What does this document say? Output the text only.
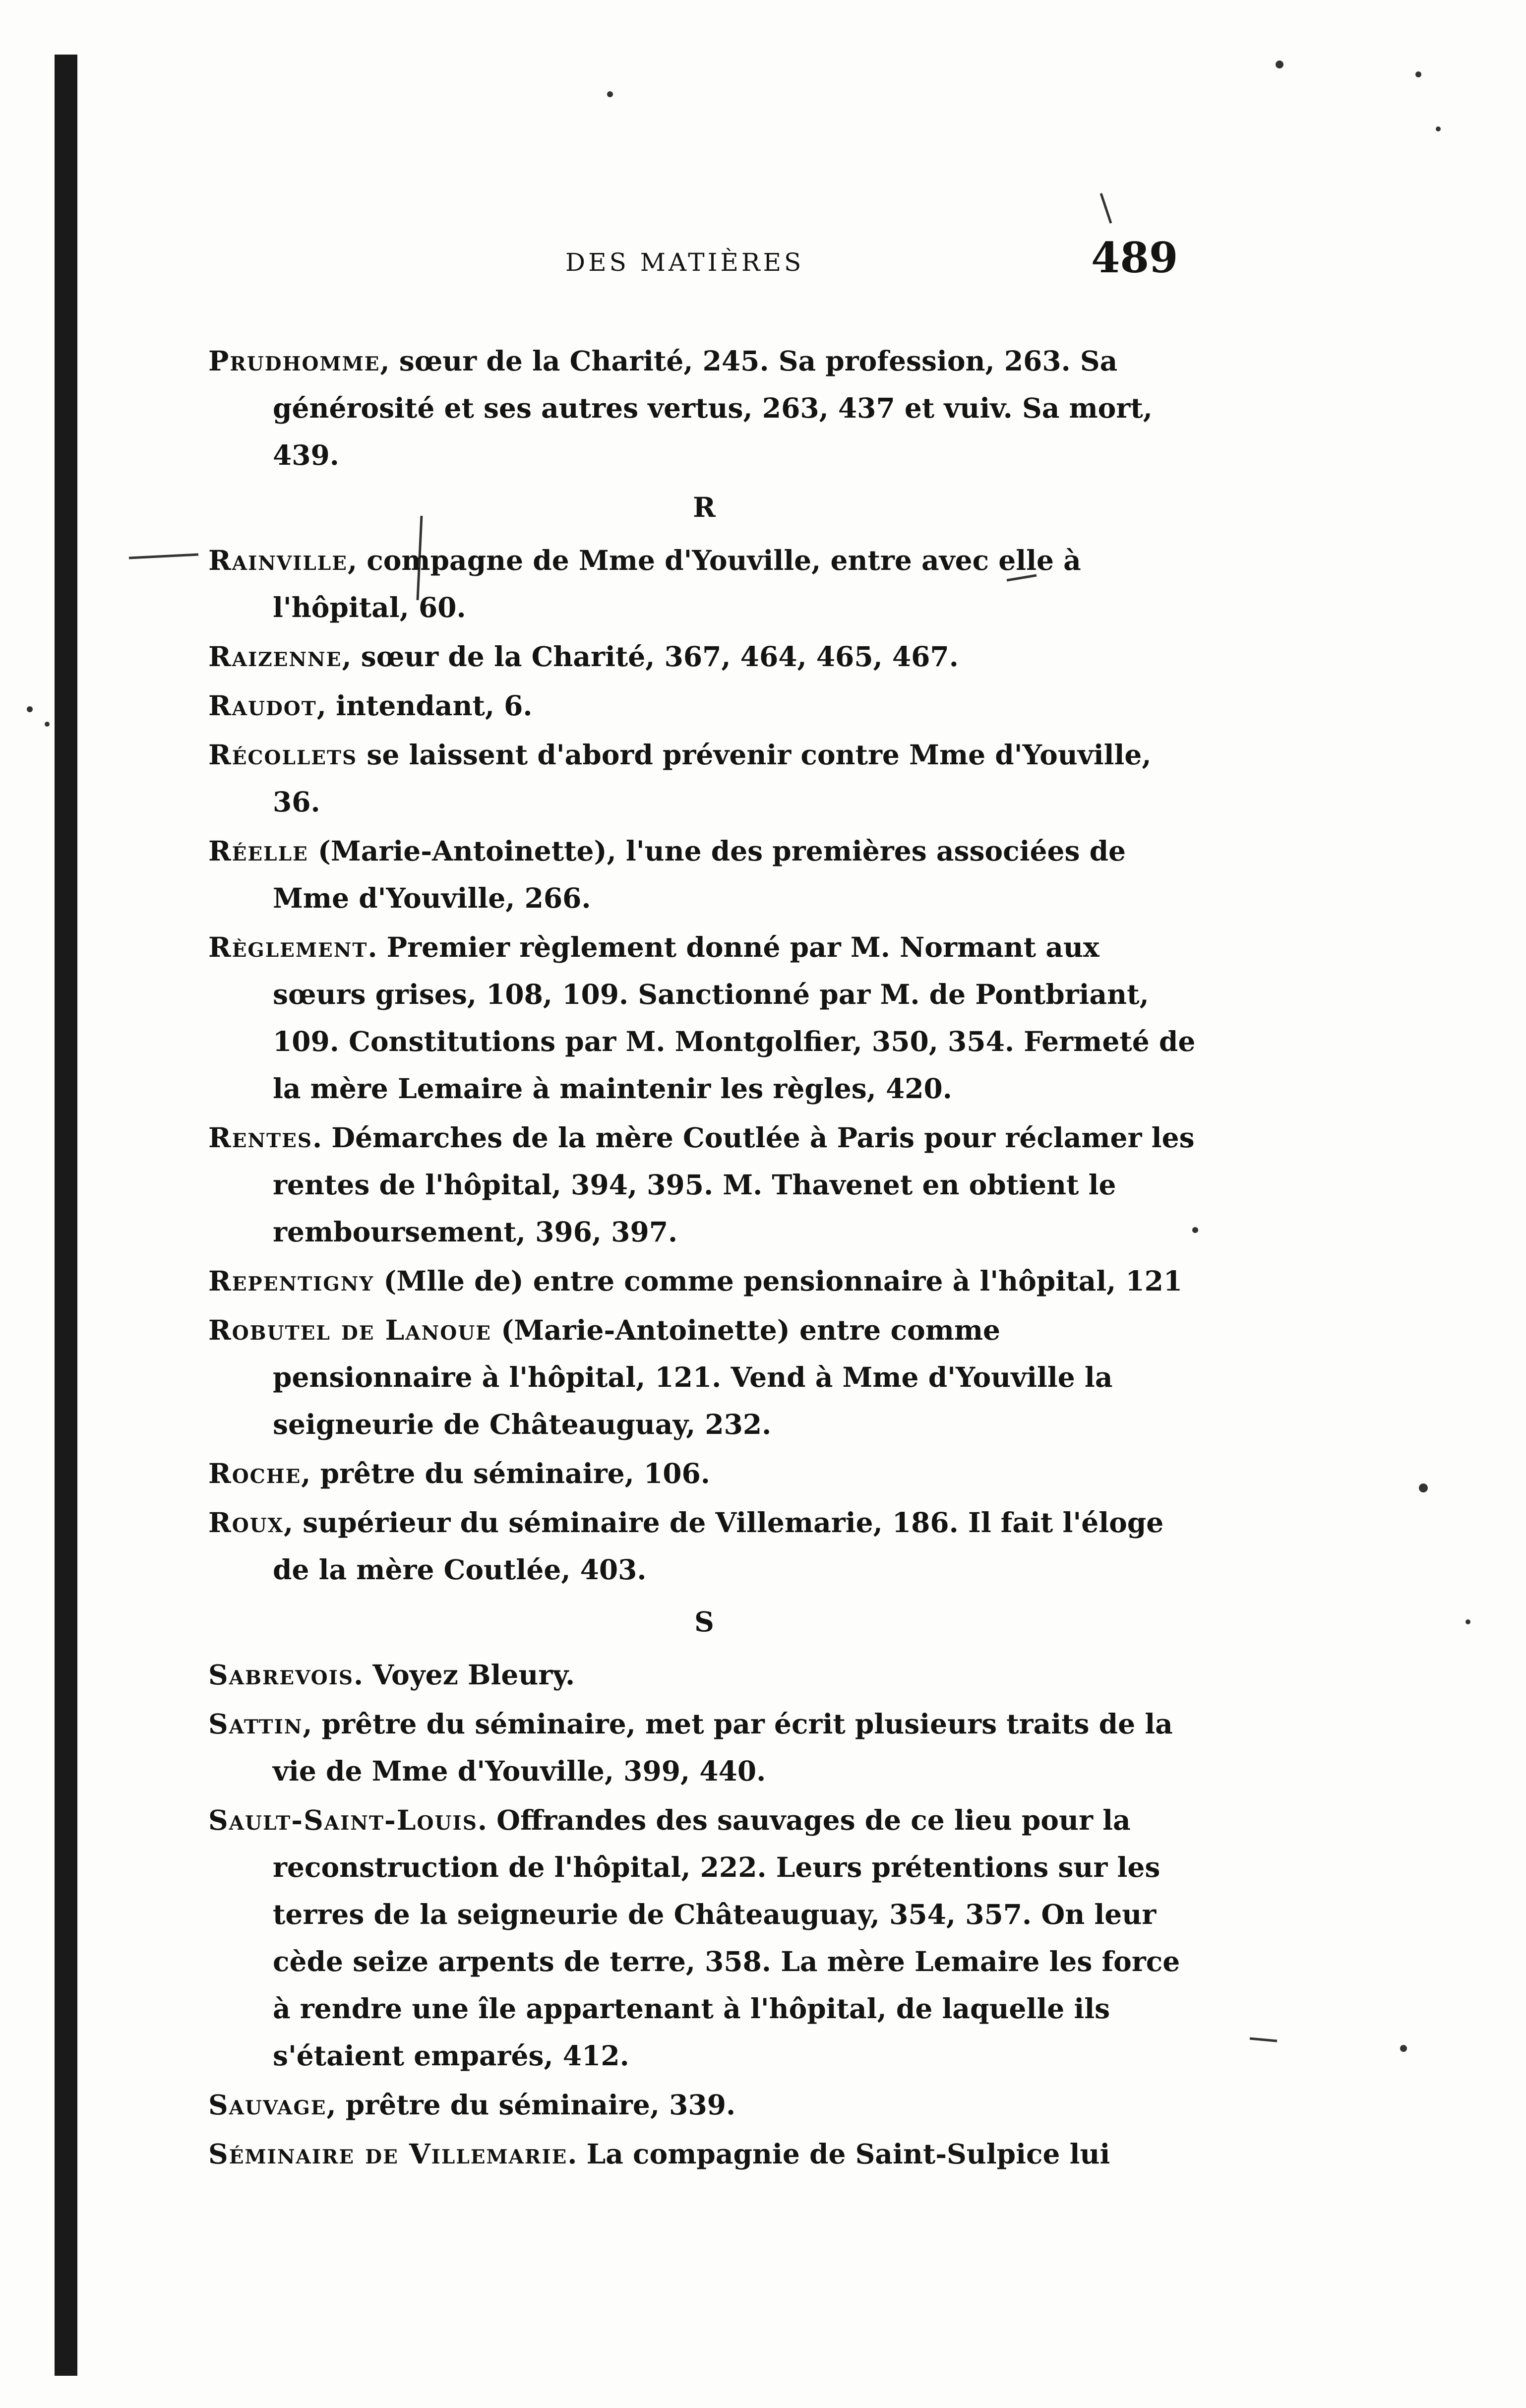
DES MATIÈRES	489
Prudhomme, sœur de la Charité, 245. Sa profession, 263. Sa générosité et ses autres vertus, 263, 437 et vuiv. Sa mort, 439.
R
Rainville, compagne de Mme d'Youville, entre avec elle à l'hôpital, 60.
Raizenne, sœur de la Charité, 367, 464, 465, 467.
Raudot, intendant, 6.
Récollets se laissent d'abord prévenir contre Mme d'Youville, 36.
Réelle (Marie-Antoinette), l'une des premières associées de Mme d'Youville, 266.
Règlement. Premier règlement donné par M. Normant aux sœurs grises, 108, 109. Sanctionné par M. de Pontbriant, 109. Constitutions par M. Montgolfier, 350, 354. Fermeté de la mère Lemaire à maintenir les règles, 420.
Rentes. Démarches de la mère Coutlée à Paris pour réclamer les rentes de l'hôpital, 394, 395. M. Thavenet en obtient le remboursement, 396, 397.
Repentigny (Mlle de) entre comme pensionnaire à l'hôpital, 121
Robutel de Lanoue (Marie-Antoinette) entre comme pensionnaire à l'hôpital, 121. Vend à Mme d'Youville la seigneurie de Châteauguay, 232.
Roche, prêtre du séminaire, 106.
Roux, supérieur du séminaire de Villemarie, 186. Il fait l'éloge de la mère Coutlée, 403.
S
Sabrevois. Voyez Bleury.
Sattin, prêtre du séminaire, met par écrit plusieurs traits de la vie de Mme d'Youville, 399, 440.
Sault-Saint-Louis. Offrandes des sauvages de ce lieu pour la reconstruction de l'hôpital, 222. Leurs prétentions sur les terres de la seigneurie de Châteauguay, 354, 357. On leur cède seize arpents de terre, 358. La mère Lemaire les force à rendre une île appartenant à l'hôpital, de laquelle ils s'étaient emparés, 412.
Sauvage, prêtre du séminaire, 339.
Séminaire de Villemarie. La compagnie de Saint-Sulpice lui
